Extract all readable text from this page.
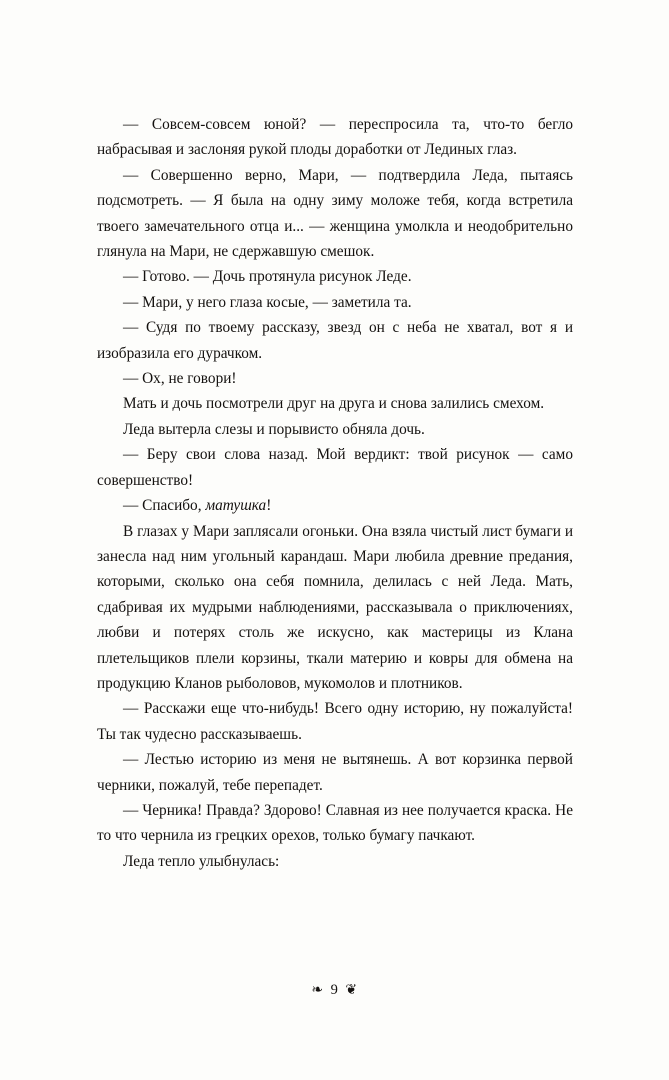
— Совсем-совсем юной? — переспросила та, что-то бегло набрасывая и заслоняя рукой плоды доработки от Лединых глаз.

— Совершенно верно, Мари, — подтвердила Леда, пытаясь подсмотреть. — Я была на одну зиму моложе тебя, когда встретила твоего замечательного отца и... — женщина умолкла и неодобрительно глянула на Мари, не сдержавшую смешок.

— Готово. — Дочь протянула рисунок Леде.

— Мари, у него глаза косые, — заметила та.

— Судя по твоему рассказу, звезд он с неба не хватал, вот я и изобразила его дурачком.

— Ох, не говори!

Мать и дочь посмотрели друг на друга и снова залились смехом.

Леда вытерла слезы и порывисто обняла дочь.

— Беру свои слова назад. Мой вердикт: твой рисунок — само совершенство!

— Спасибо, матушка!

В глазах у Мари заплясали огоньки. Она взяла чистый лист бумаги и занесла над ним угольный карандаш. Мари любила древние предания, которыми, сколько она себя помнила, делилась с ней Леда. Мать, сдабривая их мудрыми наблюдениями, рассказывала о приключениях, любви и потерях столь же искусно, как мастерицы из Клана плетельщиков плели корзины, ткали материю и ковры для обмена на продукцию Кланов рыболовов, мукомолов и плотников.

— Расскажи еще что-нибудь! Всего одну историю, ну пожалуйста! Ты так чудесно рассказываешь.

— Лестью историю из меня не вытянешь. А вот корзинка первой черники, пожалуй, тебе перепадет.

— Черника! Правда? Здорово! Славная из нее получается краска. Не то что чернила из грецких орехов, только бумагу пачкают.

Леда тепло улыбнулась:

❧ 9 ❦
